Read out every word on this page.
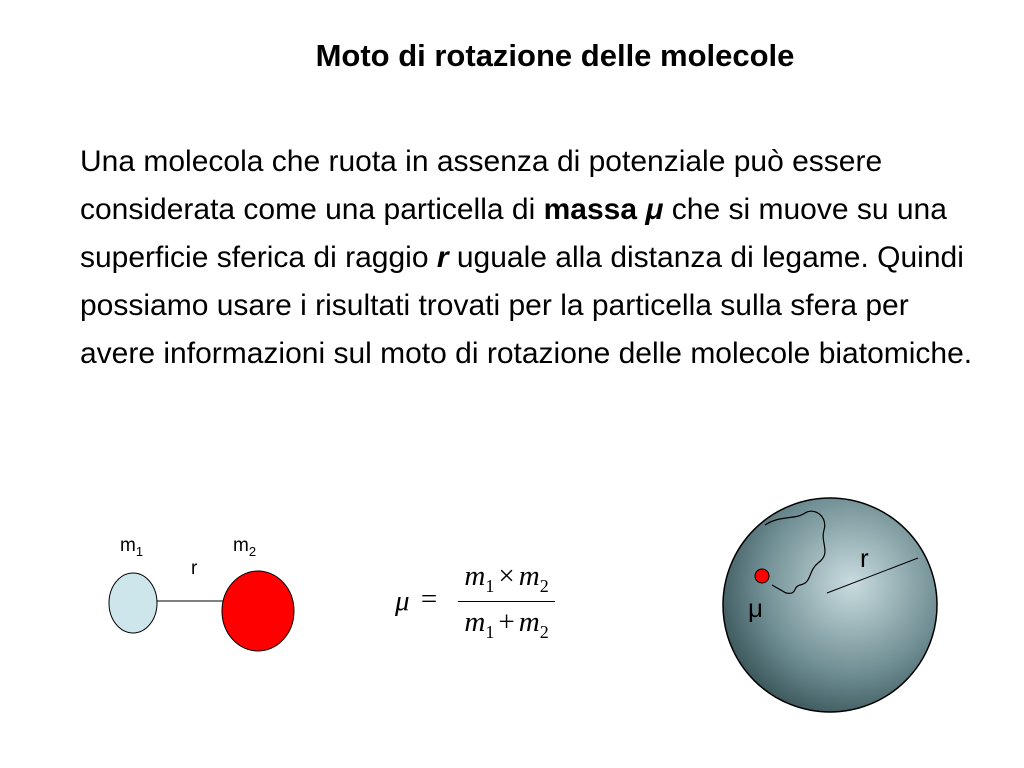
Moto di rotazione delle molecole
Una molecola che ruota in assenza di potenziale può essere considerata come una particella di massa μ che si muove su una superficie sferica di raggio r uguale alla distanza di legame. Quindi possiamo usare i risultati trovati per la particella sulla sfera per avere informazioni sul moto di rotazione delle molecole biatomiche.
$m_1$	$m_2$
r
$\mu = \frac{m_1 \times m_2}{m_1 + m_2}$
r
μ
